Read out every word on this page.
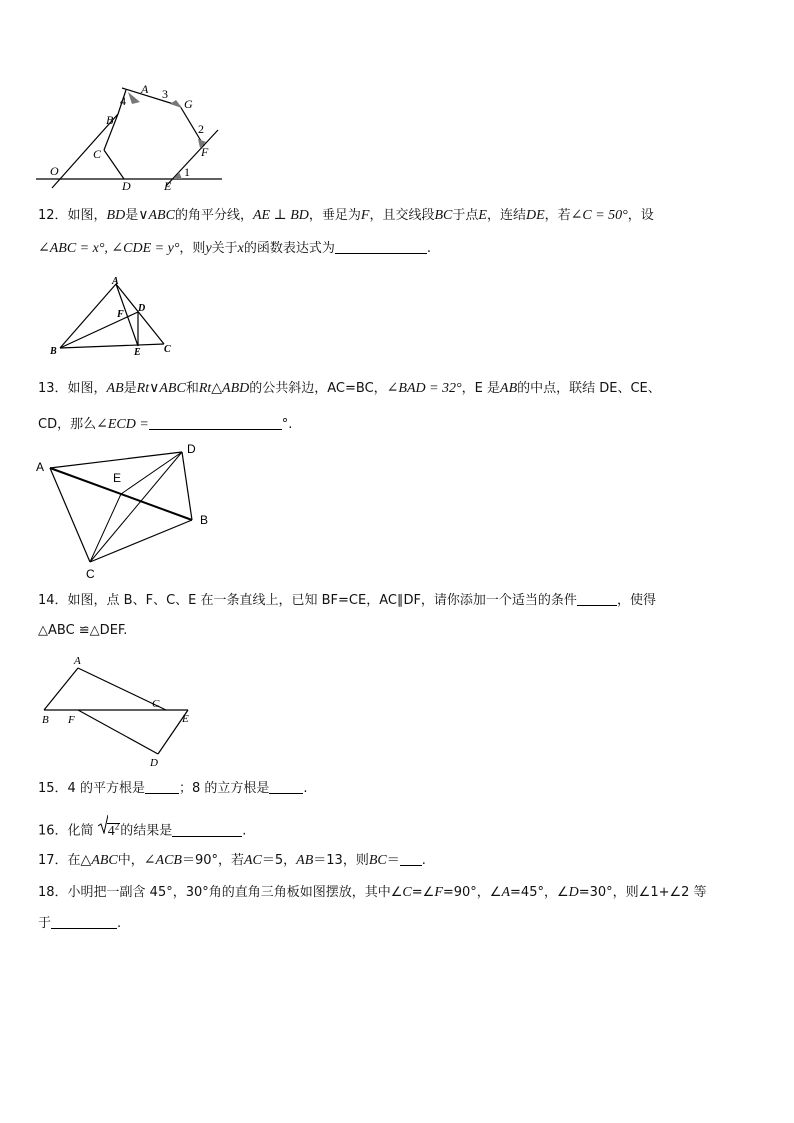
A 3
G
4
B
2
F
C
O	1
D	E
12．如图，BD是∨ABC的角平分线，AE ⊥ BD，垂足为F，且交线段BC于点E，连结DE，若∠C = 50°，设
∠ABC = x°, ∠CDE = y°，则y关于x的函数表达式为	.
A
D
F
B	E C
13．如图，AB是Rt∨ABC和Rt△ABD的公共斜边，AC=BC，∠BAD = 32°，E 是AB的中点，联结 DE、CE、
CD，那么∠ECD =	°.
A
D
E
B
C
14．如图，点 B、F、C、E 在一条直线上，已知 BF=CE，AC∥DF，请你添加一个适当的条件	，使得
△ABC ≌△DEF.
A
C
B F	E
D
15．4 的平方根是	；8 的立方根是	.
16．化简 $4^2$的结果是	.
17．在△ABC中，∠ACB＝90°，若AC＝5，AB＝13，则BC＝ .
18．小明把一副含 45°，30°角的直角三角板如图摆放，其中∠C=∠F=90°，∠A=45°，∠D=30°，则∠1+∠2 等
于	.
